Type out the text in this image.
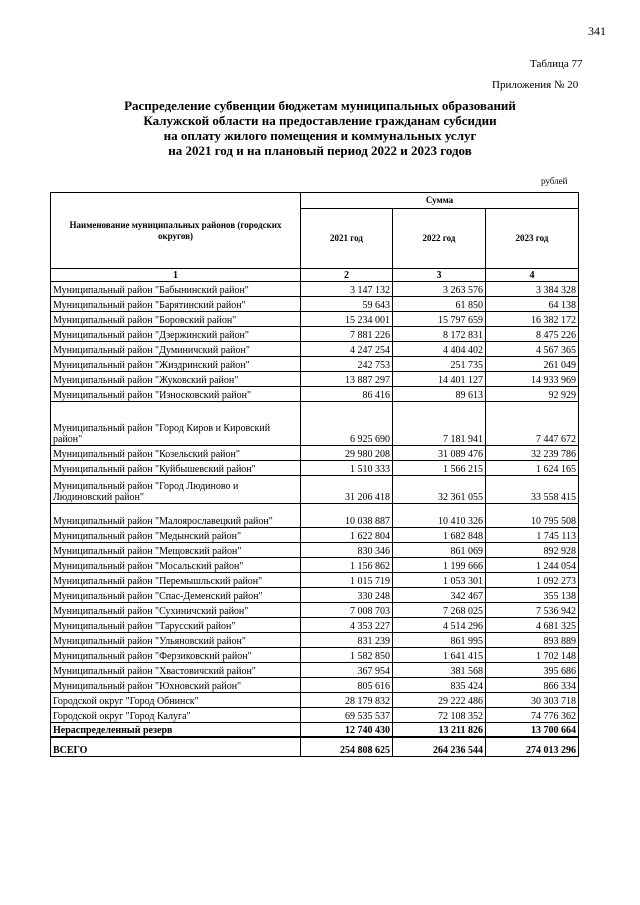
341
Таблица 77
Приложения № 20
Распределение субвенции бюджетам муниципальных образований
Калужской области на предоставление гражданам субсидии
на оплату жилого помещения и коммунальных услуг
на 2021 год и на плановый период 2022 и 2023 годов
рублей
Наименование муниципальных районов (городских округов)	Сумма		
	2021 год	2022 год	2023 год
1	2	3	4
Муниципальный район "Бабынинский район"	3 147 132	3 263 576	3 384 328
Муниципальный район "Барятинский район"	59 643	61 850	64 138
Муниципальный район "Боровский район"	15 234 001	15 797 659	16 382 172
Муниципальный район "Дзержинский район"	7 881 226	8 172 831	8 475 226
Муниципальный район "Думиничский район"	4 247 254	4 404 402	4 567 365
Муниципальный район "Жиздринский район"	242 753	251 735	261 049
Муниципальный район "Жуковский район"	13 887 297	14 401 127	14 933 969
Муниципальный район "Износковский район"	86 416	89 613	92 929
Муниципальный район "Город Киров и Кировский район"	6 925 690	7 181 941	7 447 672
Муниципальный район "Козельский район"	29 980 208	31 089 476	32 239 786
Муниципальный район "Куйбышевский район"	1 510 333	1 566 215	1 624 165
Муниципальный район "Город Людиново и Людиновский район"	31 206 418	32 361 055	33 558 415
Муниципальный район "Малоярославецкий район"	10 038 887	10 410 326	10 795 508
Муниципальный район "Медынский район"	1 622 804	1 682 848	1 745 113
Муниципальный район "Мещовский район"	830 346	861 069	892 928
Муниципальный район "Мосальский район"	1 156 862	1 199 666	1 244 054
Муниципальный район "Перемышльский район"	1 015 719	1 053 301	1 092 273
Муниципальный район "Спас-Деменский район"	330 248	342 467	355 138
Муниципальный район "Сухиничский район"	7 008 703	7 268 025	7 536 942
Муниципальный район "Тарусский район"	4 353 227	4 514 296	4 681 325
Муниципальный район "Ульяновский район"	831 239	861 995	893 889
Муниципальный район "Ферзиковский район"	1 582 850	1 641 415	1 702 148
Муниципальный район "Хвастовичский район"	367 954	381 568	395 686
Муниципальный район "Юхновский район"	805 616	835 424	866 334
Городской округ "Город Обнинск"	28 179 832	29 222 486	30 303 718
Городской округ "Город Калуга"	69 535 537	72 108 352	74 776 362
Нераспределенный резерв	12 740 430	13 211 826	13 700 664
ВСЕГО	254 808 625	264 236 544	274 013 296
